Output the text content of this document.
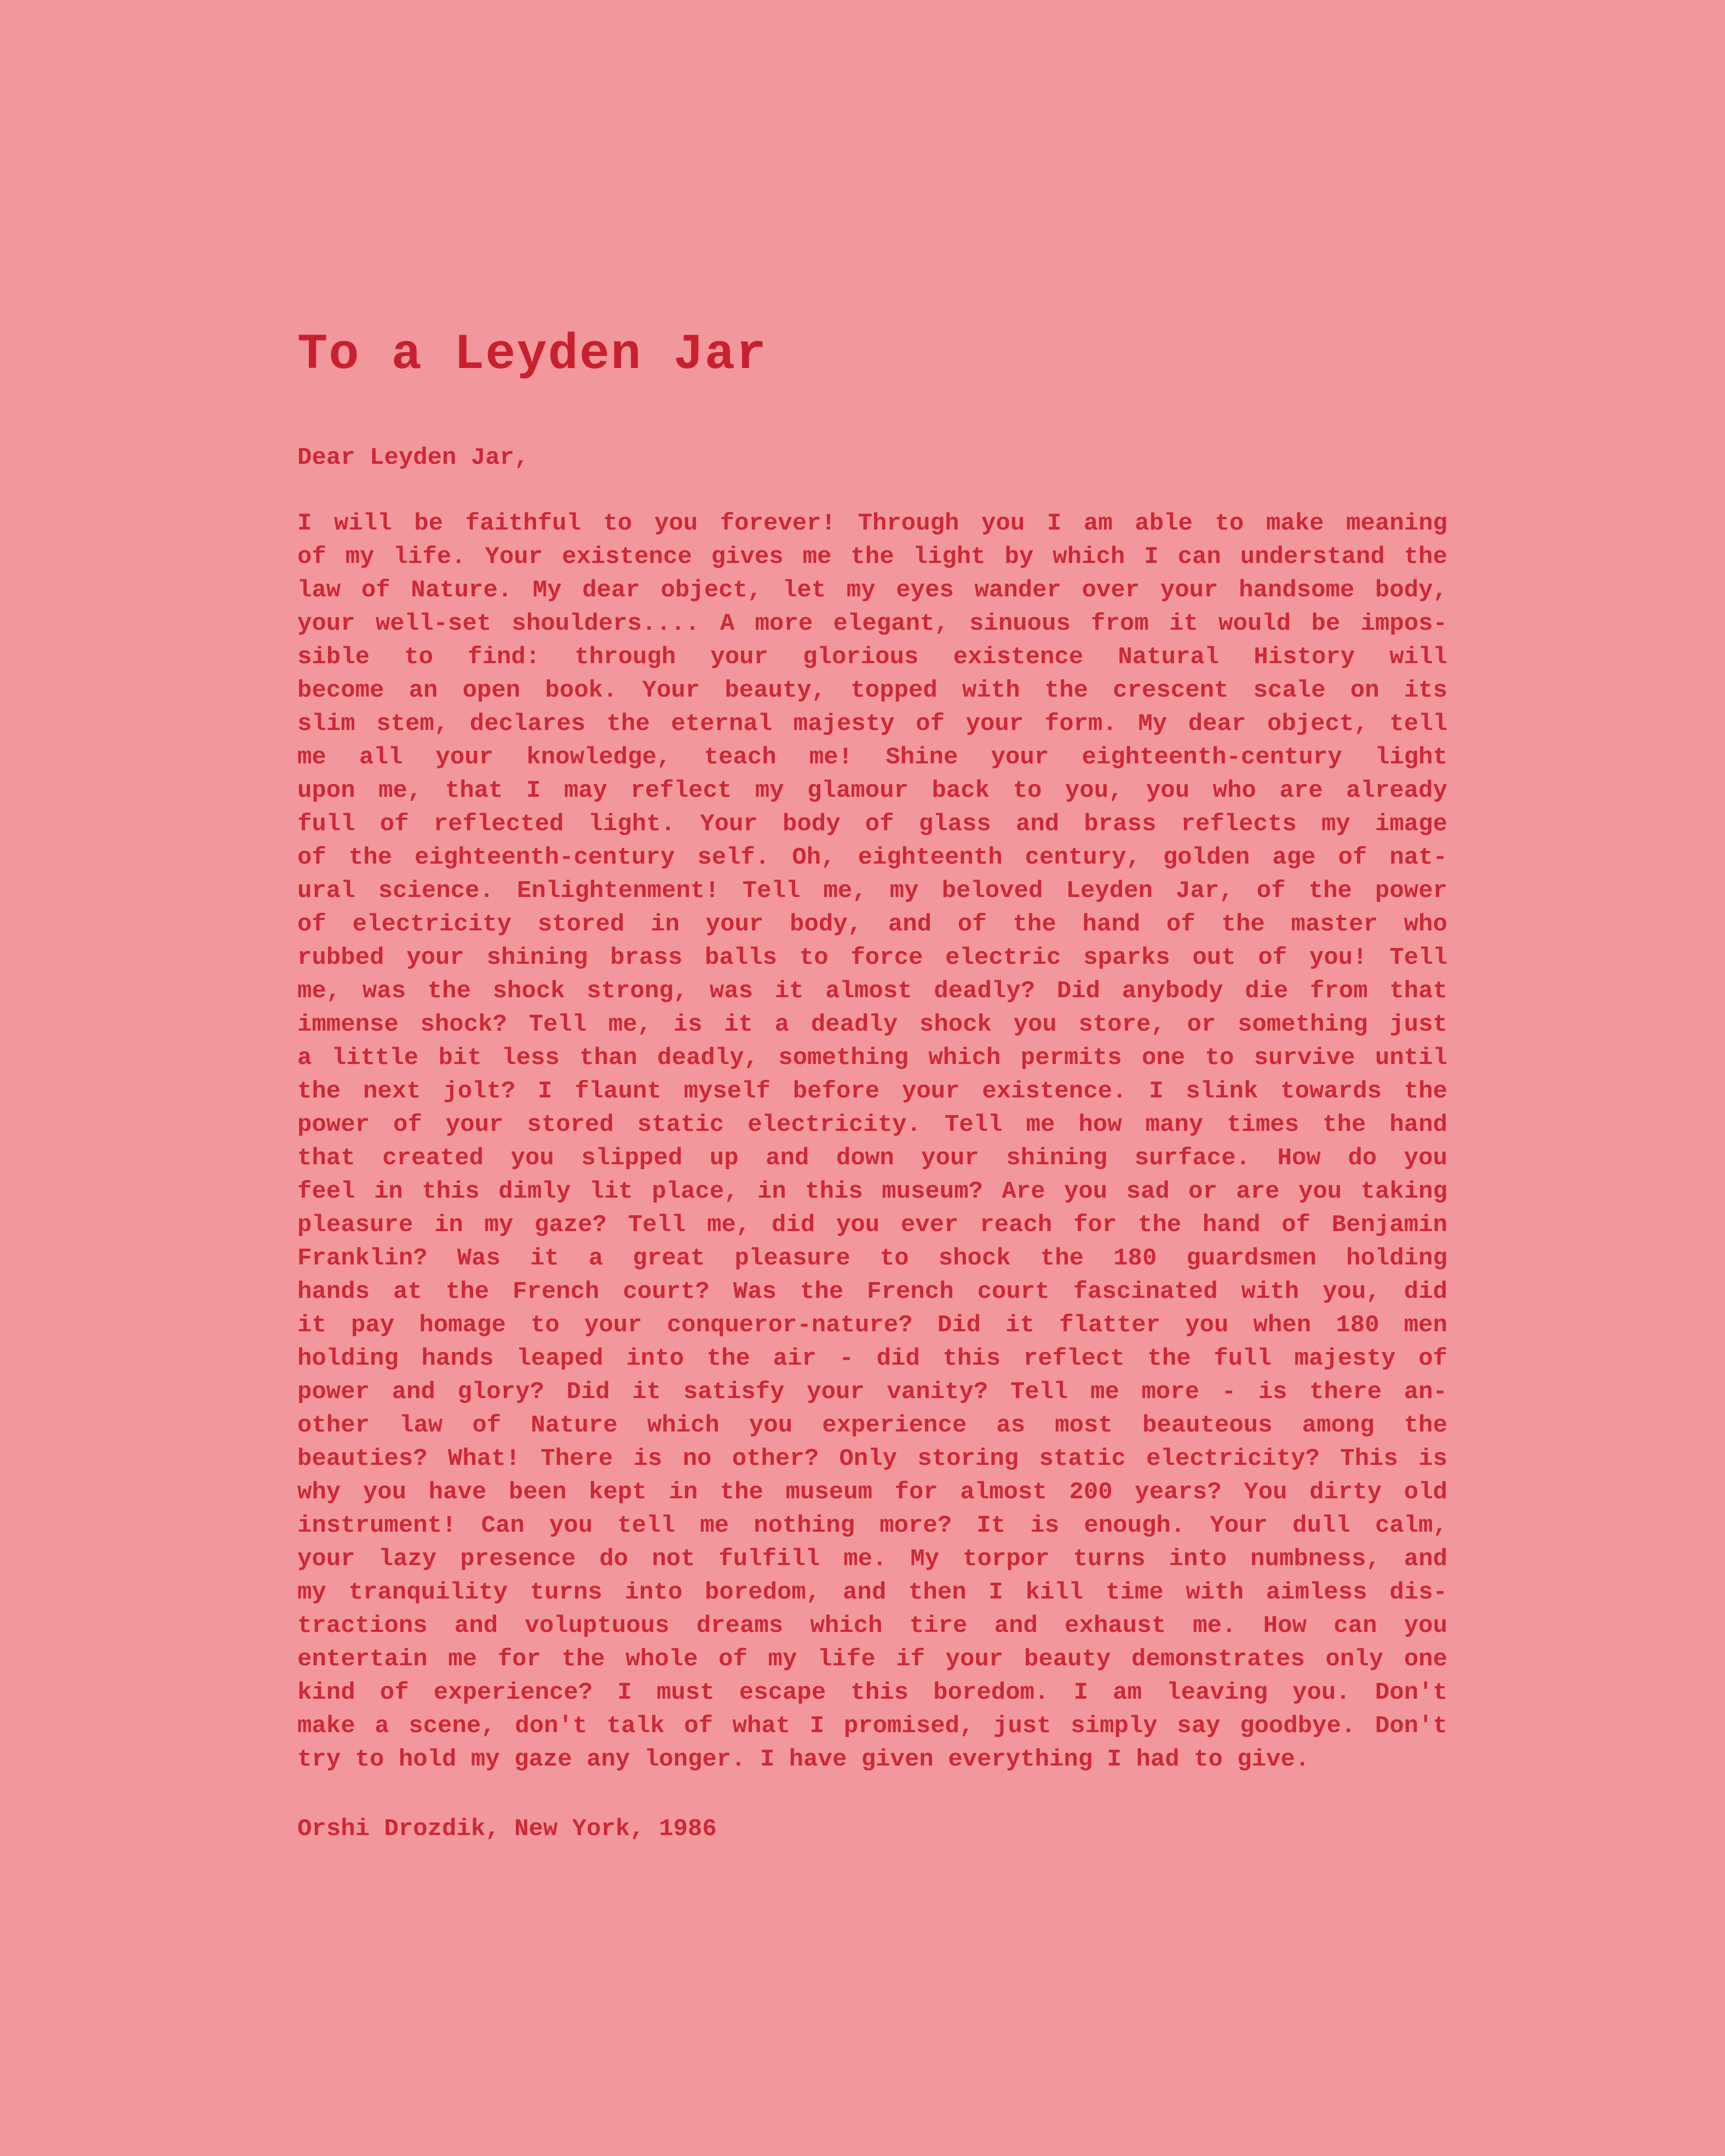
To a Leyden Jar
Dear Leyden Jar,
I will be faithful to you forever! Through you I am able to make meaning
of my life. Your existence gives me the light by which I can understand the
law of Nature. My dear object, let my eyes wander over your handsome body,
your well-set shoulders.... A more elegant, sinuous from it would be impos-
sible to find: through your glorious existence Natural History will
become an open book. Your beauty, topped with the crescent scale on its
slim stem, declares the eternal majesty of your form. My dear object, tell
me all your knowledge, teach me! Shine your eighteenth-century light
upon me, that I may reflect my glamour back to you, you who are already
full of reflected light. Your body of glass and brass reflects my image
of the eighteenth-century self. Oh, eighteenth century, golden age of nat-
ural science. Enlightenment! Tell me, my beloved Leyden Jar, of the power
of electricity stored in your body, and of the hand of the master who
rubbed your shining brass balls to force electric sparks out of you! Tell
me, was the shock strong, was it almost deadly? Did anybody die from that
immense shock? Tell me, is it a deadly shock you store, or something just
a little bit less than deadly, something which permits one to survive until
the next jolt? I flaunt myself before your existence. I slink towards the
power of your stored static electricity. Tell me how many times the hand
that created you slipped up and down your shining surface. How do you
feel in this dimly lit place, in this museum? Are you sad or are you taking
pleasure in my gaze? Tell me, did you ever reach for the hand of Benjamin
Franklin? Was it a great pleasure to shock the 180 guardsmen holding
hands at the French court? Was the French court fascinated with you, did
it pay homage to your conqueror-nature? Did it flatter you when 180 men
holding hands leaped into the air - did this reflect the full majesty of
power and glory? Did it satisfy your vanity? Tell me more - is there an-
other law of Nature which you experience as most beauteous among the
beauties? What! There is no other? Only storing static electricity? This is
why you have been kept in the museum for almost 200 years? You dirty old
instrument! Can you tell me nothing more? It is enough. Your dull calm,
your lazy presence do not fulfill me. My torpor turns into numbness, and
my tranquility turns into boredom, and then I kill time with aimless dis-
tractions and voluptuous dreams which tire and exhaust me. How can you
entertain me for the whole of my life if your beauty demonstrates only one
kind of experience? I must escape this boredom. I am leaving you. Don't
make a scene, don't talk of what I promised, just simply say goodbye. Don't
try to hold my gaze any longer. I have given everything I had to give.
Orshi Drozdik, New York, 1986
